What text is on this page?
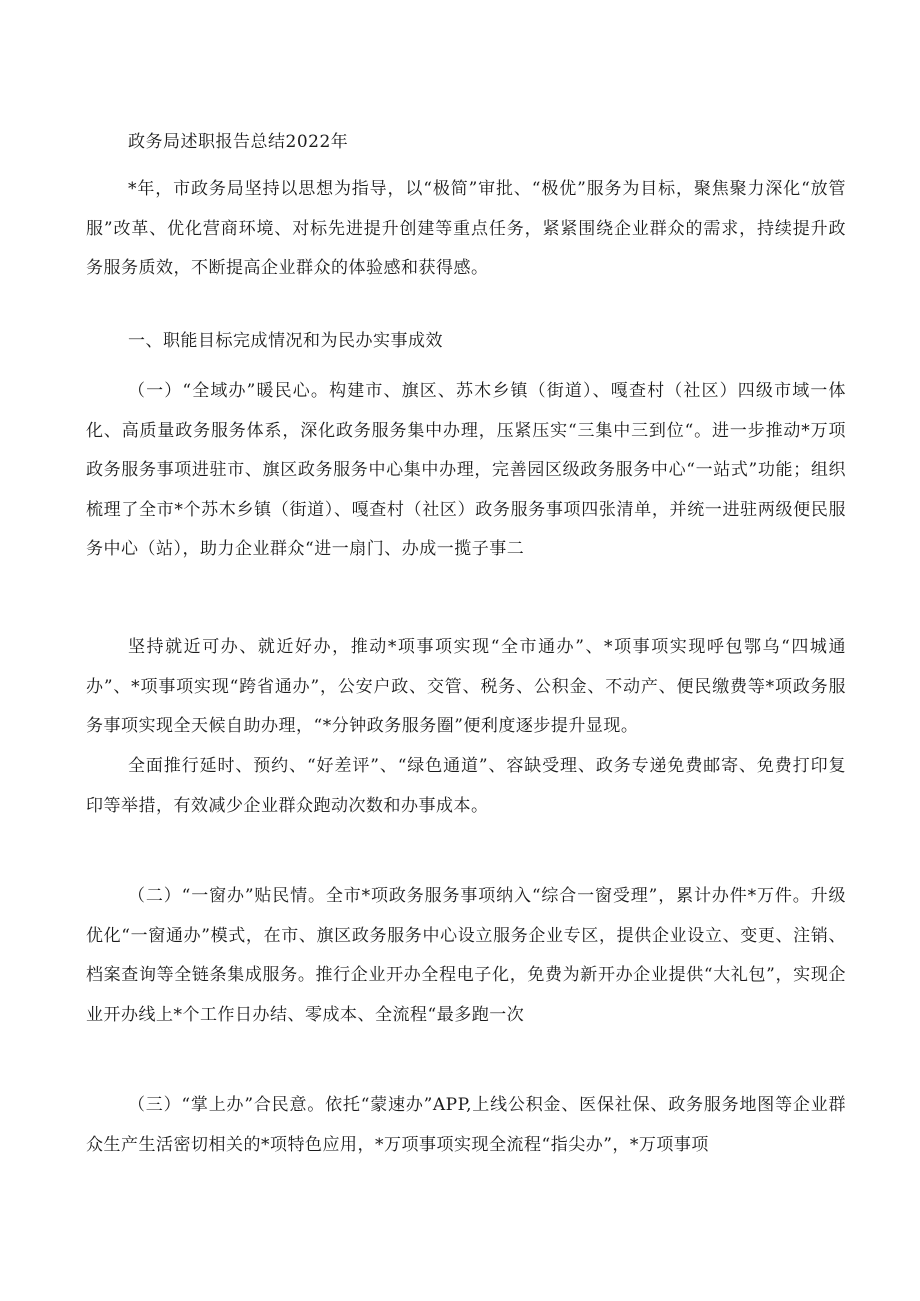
政务局述职报告总结2022年
*年，市政务局坚持以思想为指导，以“极简”审批、“极优”服务为目标，聚焦聚力深化“放管服”改革、优化营商环境、对标先进提升创建等重点任务，紧紧围绕企业群众的需求，持续提升政务服务质效，不断提高企业群众的体验感和获得感。
一、职能目标完成情况和为民办实事成效
（一）“全域办”暖民心。构建市、旗区、苏木乡镇（街道）、嘎查村（社区）四级市域一体化、高质量政务服务体系，深化政务服务集中办理，压紧压实“三集中三到位“。进一步推动*万项政务服务事项进驻市、旗区政务服务中心集中办理，完善园区级政务服务中心“一站式”功能；组织梳理了全市*个苏木乡镇（街道）、嘎查村（社区）政务服务事项四张清单，并统一进驻两级便民服务中心（站），助力企业群众“进一扇门、办成一揽子事二
坚持就近可办、就近好办，推动*项事项实现“全市通办”、*项事项实现呼包鄂乌“四城通办”、*项事项实现“跨省通办”，公安户政、交管、税务、公积金、不动产、便民缴费等*项政务服务事项实现全天候自助办理，“*分钟政务服务圈”便利度逐步提升显现。
全面推行延时、预约、“好差评”、“绿色通道”、容缺受理、政务专递免费邮寄、免费打印复印等举措，有效减少企业群众跑动次数和办事成本。
（二）“一窗办”贴民情。全市*项政务服务事项纳入“综合一窗受理”，累计办件*万件。升级优化“一窗通办”模式，在市、旗区政务服务中心设立服务企业专区，提供企业设立、变更、注销、档案查询等全链条集成服务。推行企业开办全程电子化，免费为新开办企业提供“大礼包”，实现企业开办线上*个工作日办结、零成本、全流程“最多跑一次
（三）“掌上办”合民意。依托“蒙速办”APP,上线公积金、医保社保、政务服务地图等企业群众生产生活密切相关的*项特色应用，*万项事项实现全流程“指尖办”，*万项事项
